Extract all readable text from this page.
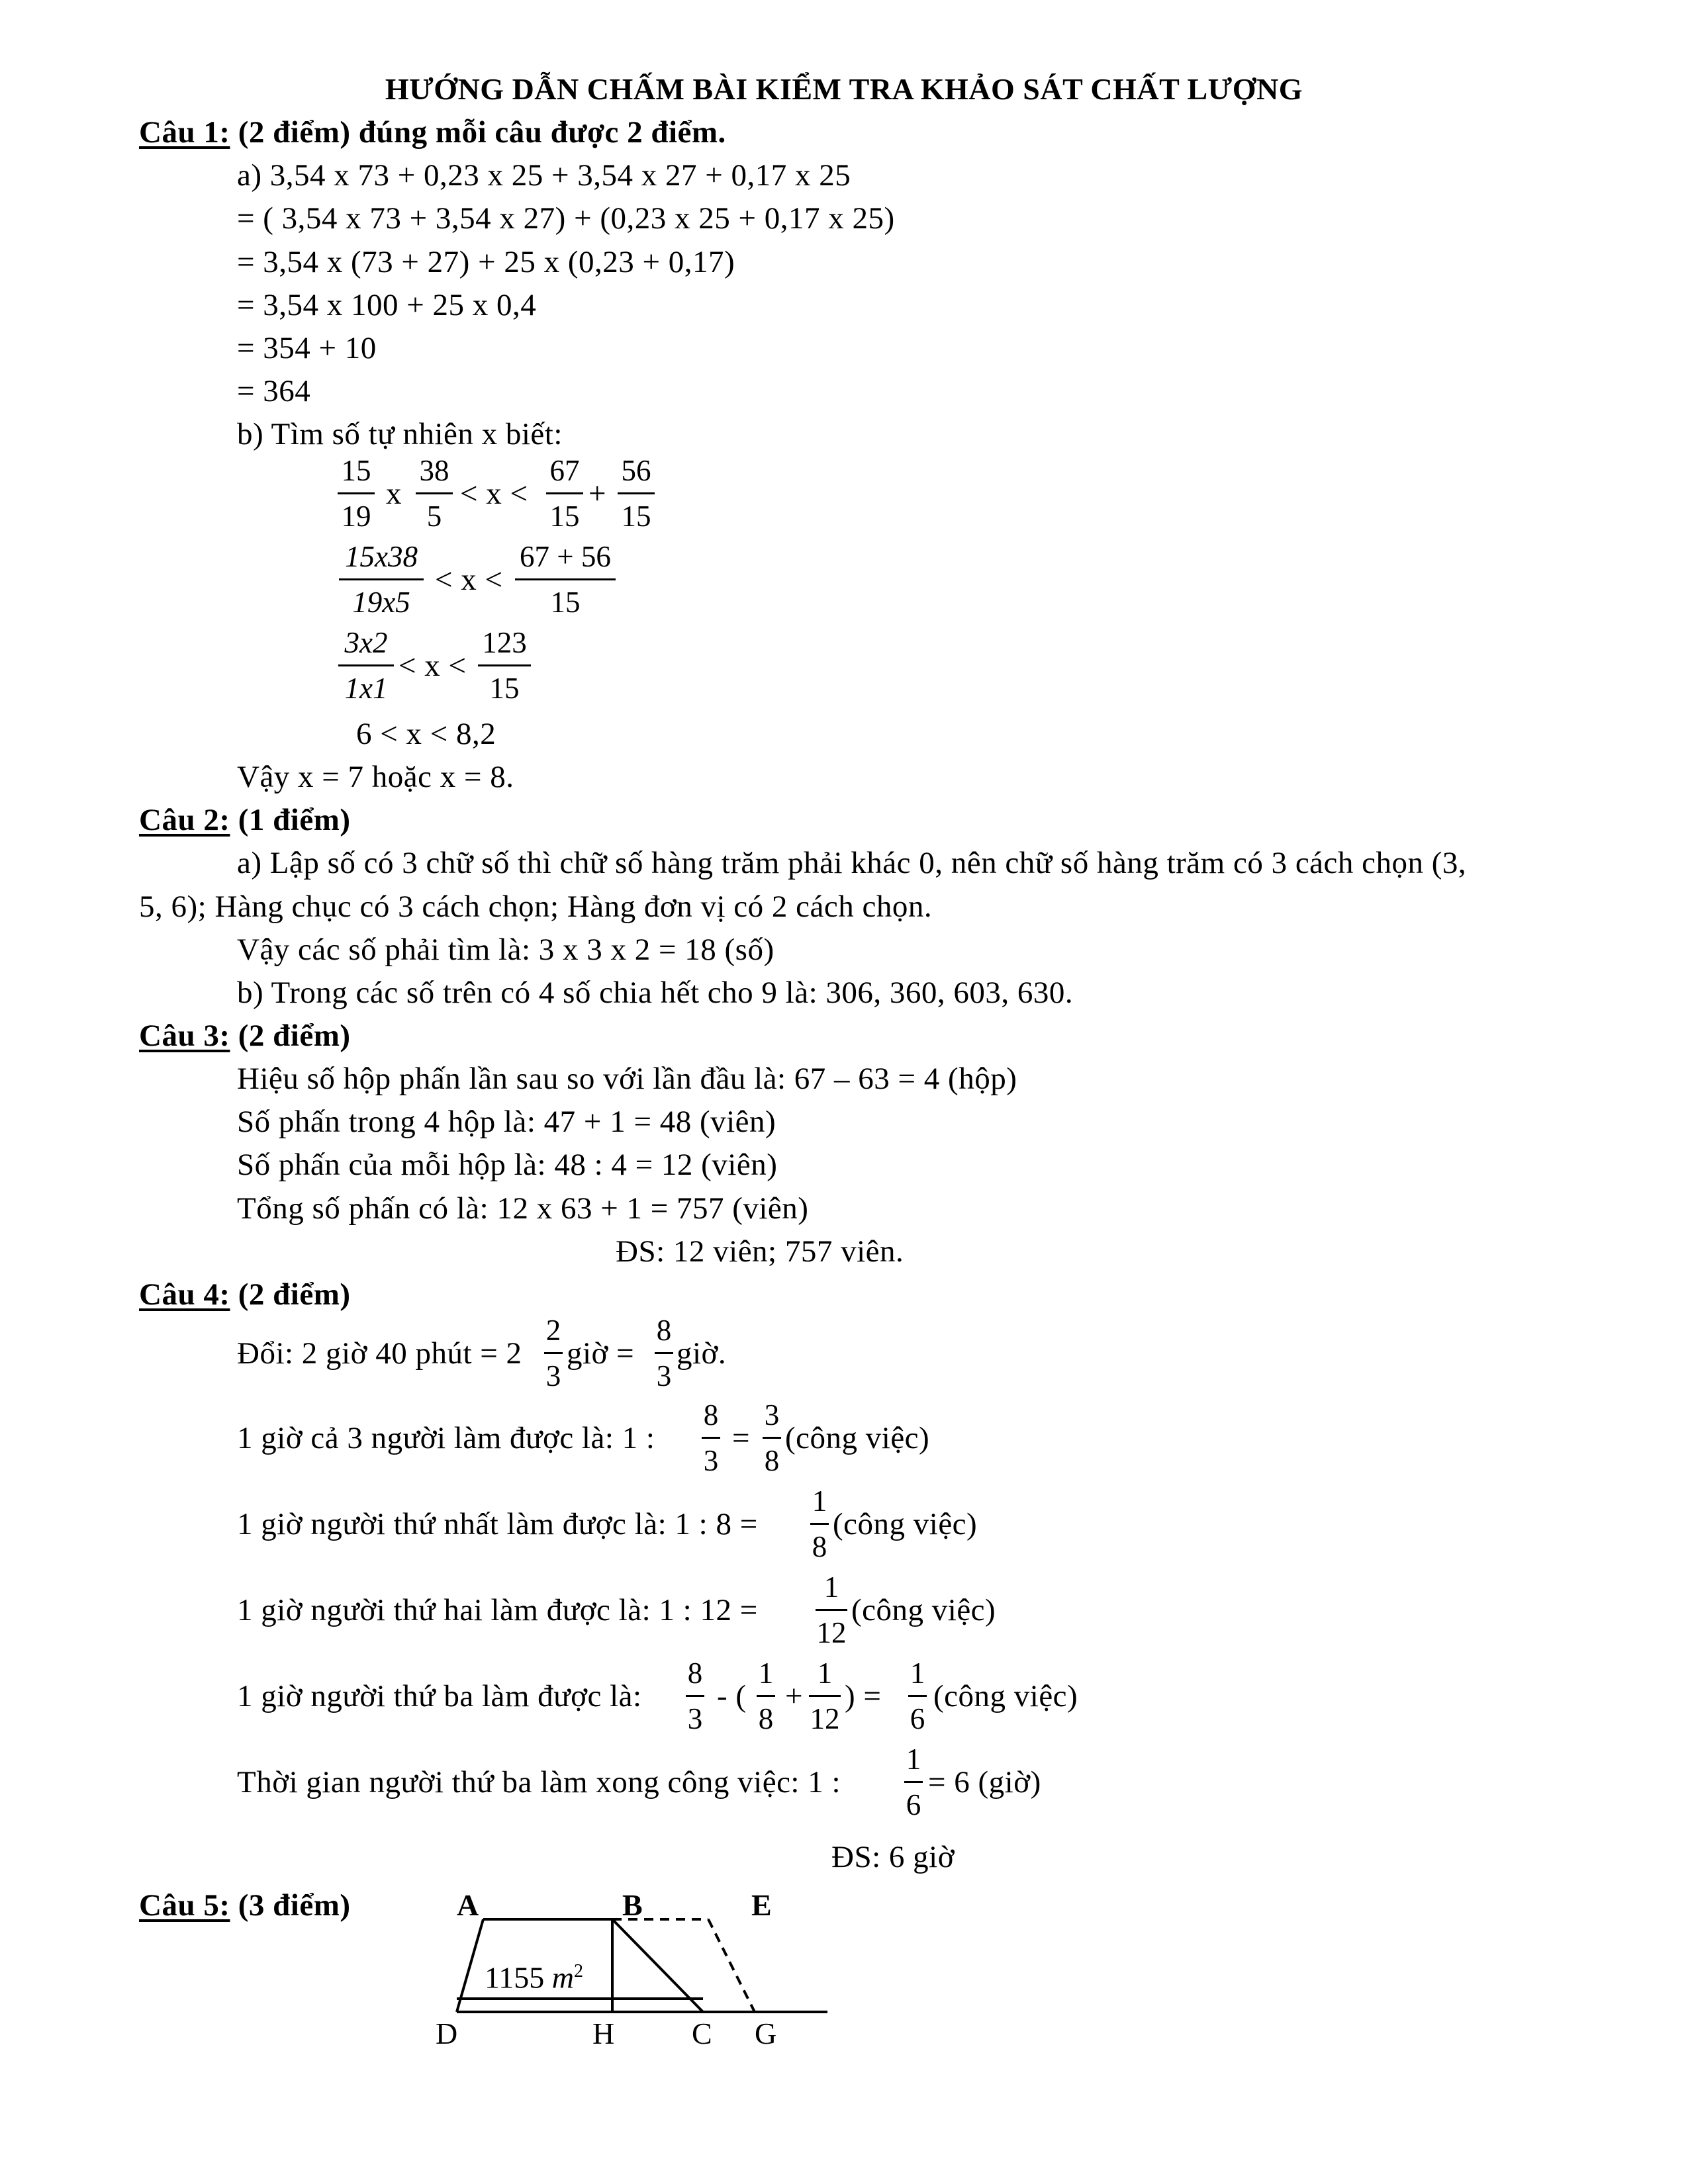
HƯỚNG DẪN CHẤM BÀI KIỂM TRA KHẢO SÁT CHẤT LƯỢNG
Câu 1: (2 điểm) đúng mỗi câu được 2 điểm.
a) 3,54 x 73 + 0,23 x 25 + 3,54 x 27 + 0,17 x 25
= ( 3,54 x 73 + 3,54 x 27) + (0,23 x 25 + 0,17 x 25)
= 3,54 x (73 + 27) + 25 x (0,23 + 0,17)
= 3,54 x 100 + 25 x 0,4
= 354 + 10
= 364
b) Tìm số tự nhiên x biết:
15
19
x
38
5
< x <
67
15
+
56
15
15x38
19x5
< x <
67 + 56
15
3x2
1x1
< x <
123
15
6 < x < 8,2
Vậy x = 7 hoặc x = 8.
Câu 2: (1 điểm)
a) Lập số có 3 chữ số thì chữ số hàng trăm phải khác 0, nên chữ số hàng trăm có 3 cách chọn (3,
5, 6); Hàng chục có 3 cách chọn; Hàng đơn vị có 2 cách chọn.
Vậy các số phải tìm là: 3 x 3 x 2 = 18 (số)
b) Trong các số trên có 4 số chia hết cho 9 là: 306, 360, 603, 630.
Câu 3: (2 điểm)
Hiệu số hộp phấn lần sau so với lần đầu là: 67 – 63 = 4 (hộp)
Số phấn trong 4 hộp là: 47 + 1 = 48 (viên)
Số phấn của mỗi hộp là: 48 : 4 = 12 (viên)
Tổng số phấn có là: 12 x 63 + 1 = 757 (viên)
ĐS: 12 viên; 757 viên.
Câu 4: (2 điểm)
Đổi: 2 giờ 40 phút = 2
2
3
giờ =
8
3
giờ.
1 giờ cả 3 người làm được là: 1 :
8
3
=
3
8
(công việc)
1 giờ người thứ nhất làm được là: 1 : 8 =
1
8
(công việc)
1 giờ người thứ hai làm được là: 1 : 12 =
1
12
(công việc)
1 giờ người thứ ba làm được là:
8
3
- (
1
8
+
1
12
) =
1
6
(công việc)
Thời gian người thứ ba làm xong công việc: 1 :
1
6
= 6 (giờ)
ĐS: 6 giờ
Câu 5: (3 điểm)	A	B	E
D	H	C G
1155 $m^2$
